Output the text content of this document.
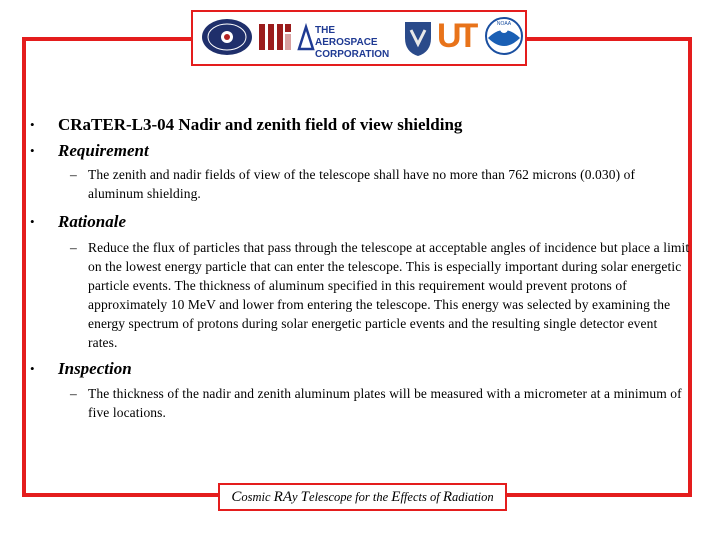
THE AEROSPACE
CORPORATION UT	NOAA
• CRaTER-L3-04 Nadir and zenith field of view shielding
• Requirement
– The zenith and nadir fields of view of the telescope shall have no more than 762 microns (0.030) of aluminum shielding.
• Rationale
– Reduce the flux of particles that pass through the telescope at acceptable angles of incidence but place a limit on the lowest energy particle that can enter the telescope. This is especially important during solar energetic particle events. The thickness of aluminum specified in this requirement would prevent protons of approximately 10 MeV and lower from entering the telescope. This energy was selected by examining the energy spectrum of protons during solar energetic particle events and the resulting single detector event rates.
• Inspection
– The thickness of the nadir and zenith aluminum plates will be measured with a micrometer at a minimum of five locations.
Cosmic RAy Telescope for the Effects of Radiation
